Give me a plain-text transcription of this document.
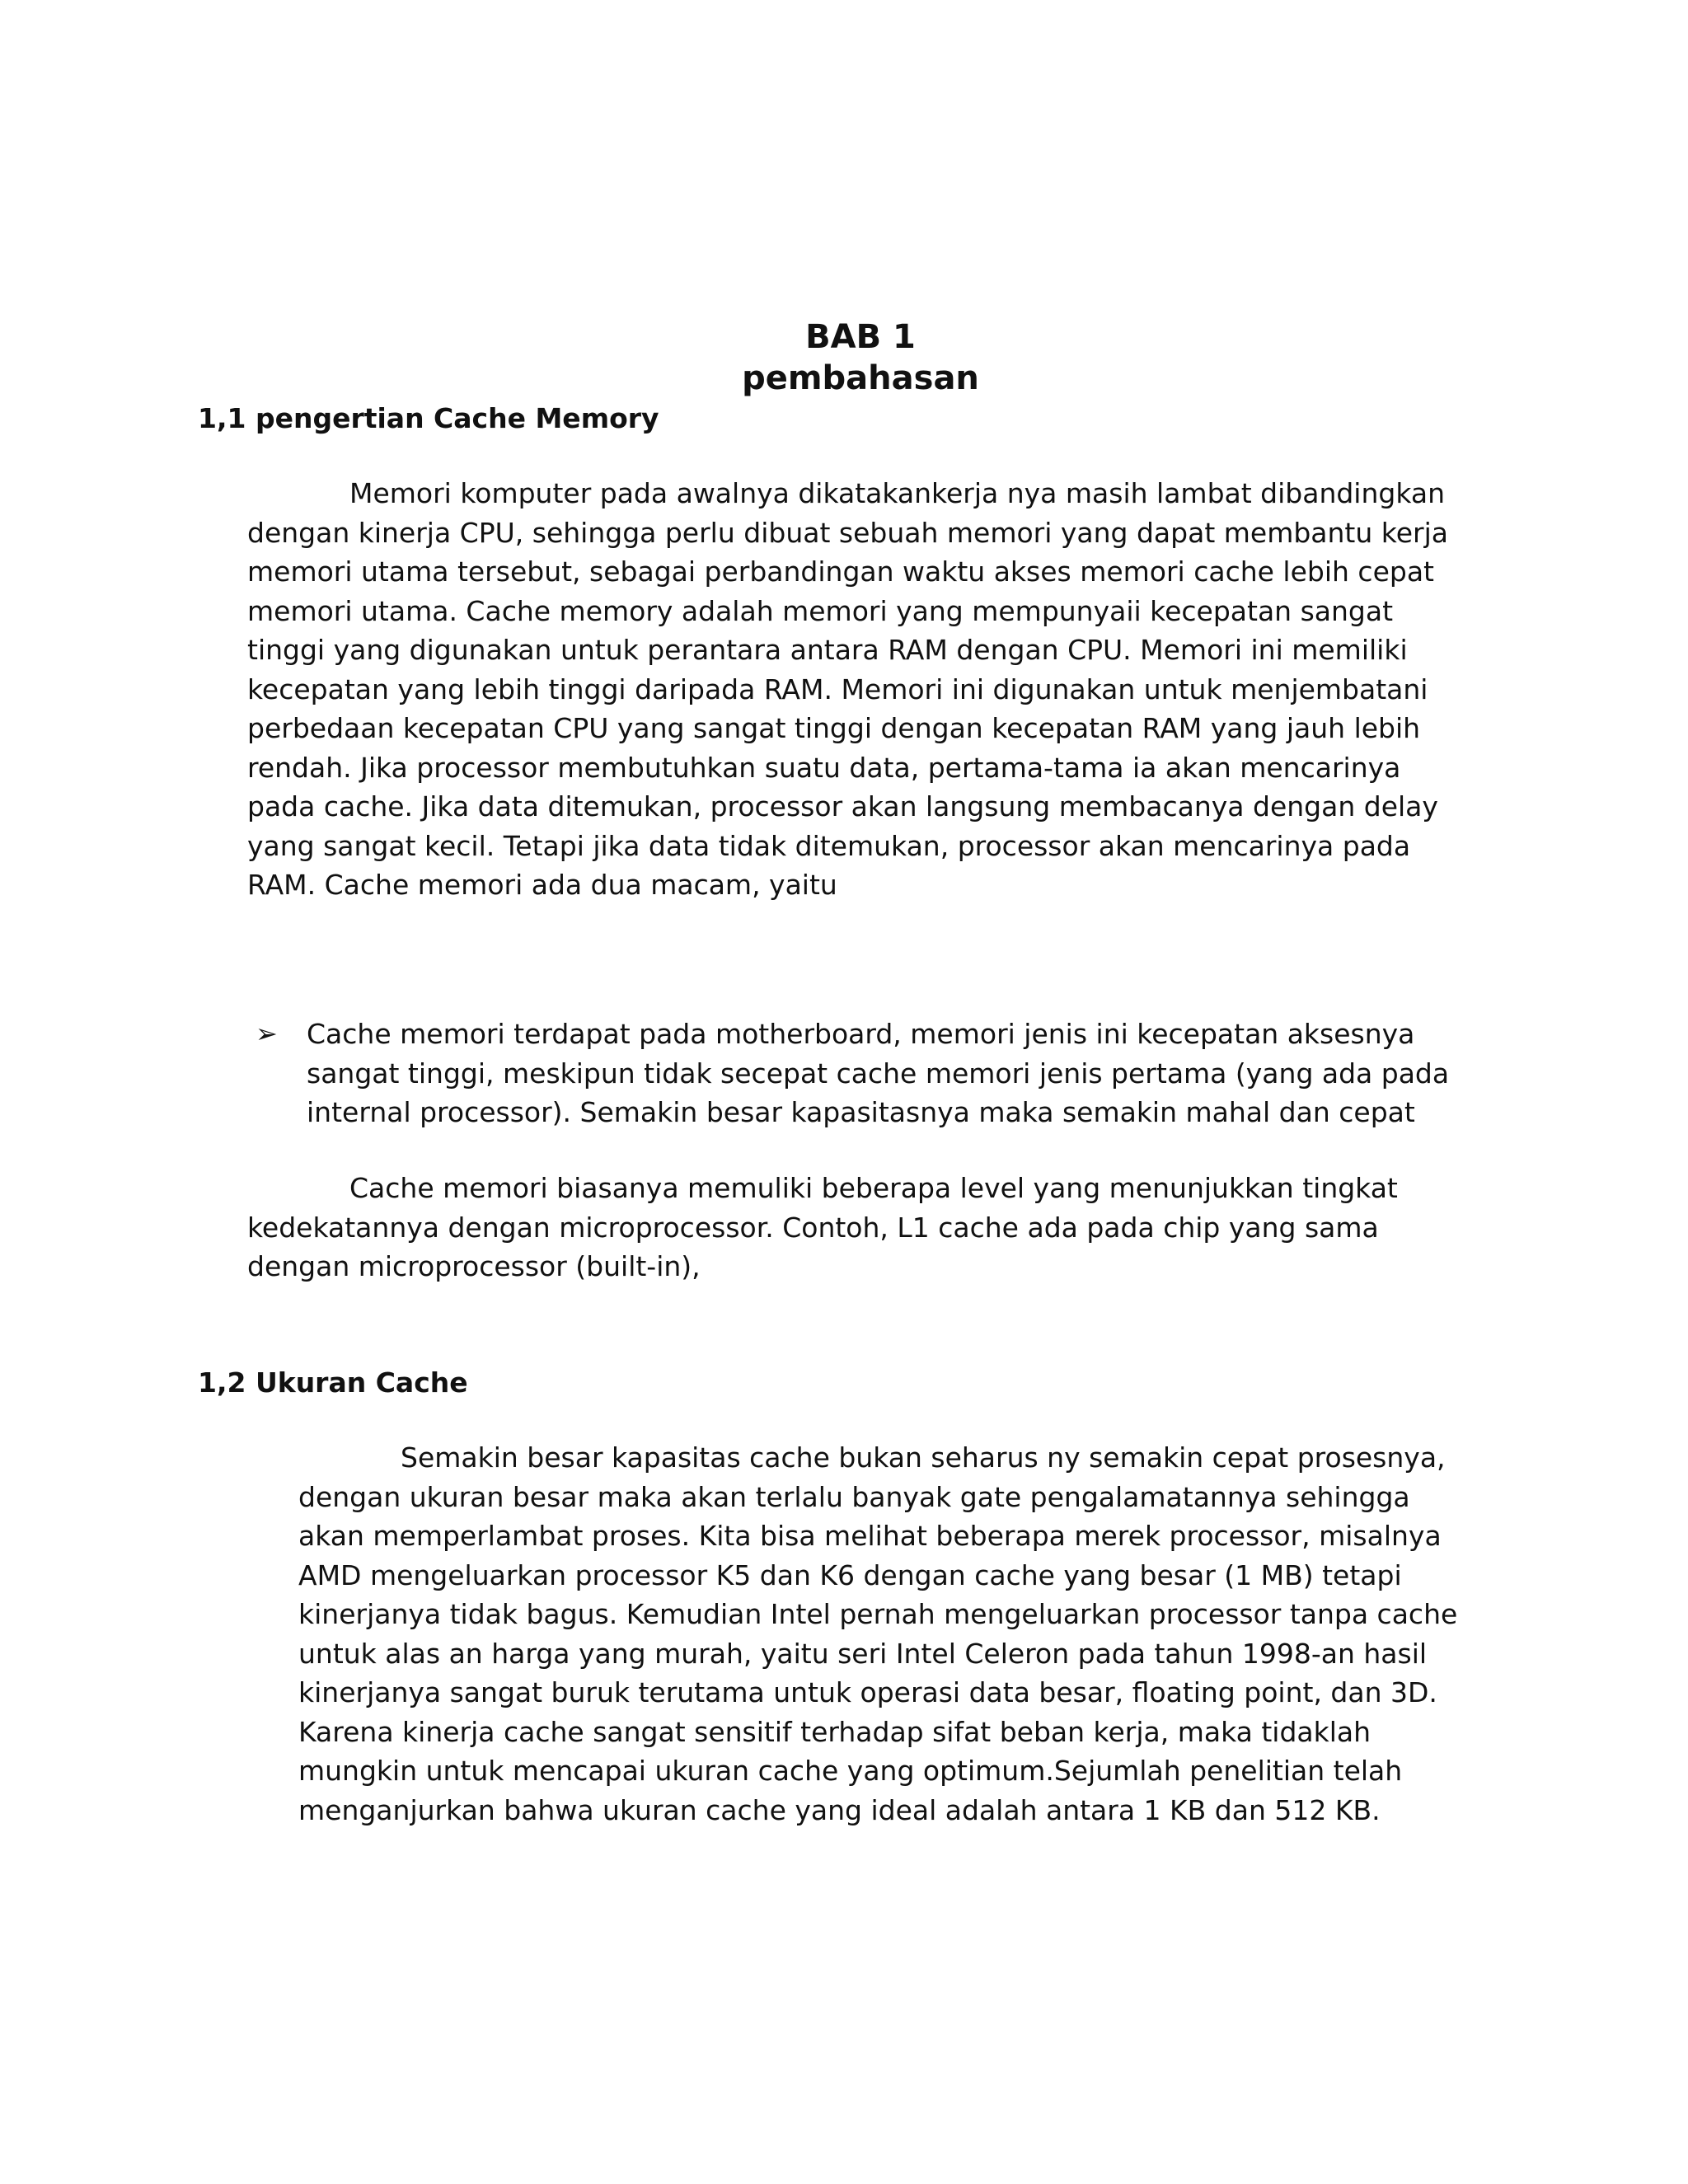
BAB 1
pembahasan
1,1 pengertian Cache Memory
Memori komputer pada awalnya dikatakankerja nya masih lambat dibandingkan
dengan kinerja CPU, sehingga perlu dibuat sebuah memori yang dapat membantu kerja
memori utama tersebut, sebagai perbandingan waktu akses memori cache lebih cepat
memori utama. Cache memory adalah memori yang mempunyaii kecepatan sangat
tinggi yang digunakan untuk perantara antara RAM dengan CPU. Memori ini memiliki
kecepatan yang lebih tinggi daripada RAM. Memori ini digunakan untuk menjembatani
perbedaan kecepatan CPU yang sangat tinggi dengan kecepatan RAM yang jauh lebih
rendah. Jika processor membutuhkan suatu data, pertama-tama ia akan mencarinya
pada cache. Jika data ditemukan, processor akan langsung membacanya dengan delay
yang sangat kecil. Tetapi jika data tidak ditemukan, processor akan mencarinya pada
RAM. Cache memori ada dua macam, yaitu
➢ Cache memori terdapat pada motherboard, memori jenis ini kecepatan aksesnya
sangat tinggi, meskipun tidak secepat cache memori jenis pertama (yang ada pada
internal processor). Semakin besar kapasitasnya maka semakin mahal dan cepat
Cache memori biasanya memuliki beberapa level yang menunjukkan tingkat
kedekatannya dengan microprocessor. Contoh, L1 cache ada pada chip yang sama
dengan microprocessor (built-in),
1,2 Ukuran Cache
Semakin besar kapasitas cache bukan seharus ny semakin cepat prosesnya,
dengan ukuran besar maka akan terlalu banyak gate pengalamatannya sehingga
akan memperlambat proses. Kita bisa melihat beberapa merek processor, misalnya
AMD mengeluarkan processor K5 dan K6 dengan cache yang besar (1 MB) tetapi
kinerjanya tidak bagus. Kemudian Intel pernah mengeluarkan processor tanpa cache
untuk alas an harga yang murah, yaitu seri Intel Celeron pada tahun 1998-an hasil
kinerjanya sangat buruk terutama untuk operasi data besar, floating point, dan 3D.
Karena kinerja cache sangat sensitif terhadap sifat beban kerja, maka tidaklah
mungkin untuk mencapai ukuran cache yang optimum.Sejumlah penelitian telah
menganjurkan bahwa ukuran cache yang ideal adalah antara 1 KB dan 512 KB.
